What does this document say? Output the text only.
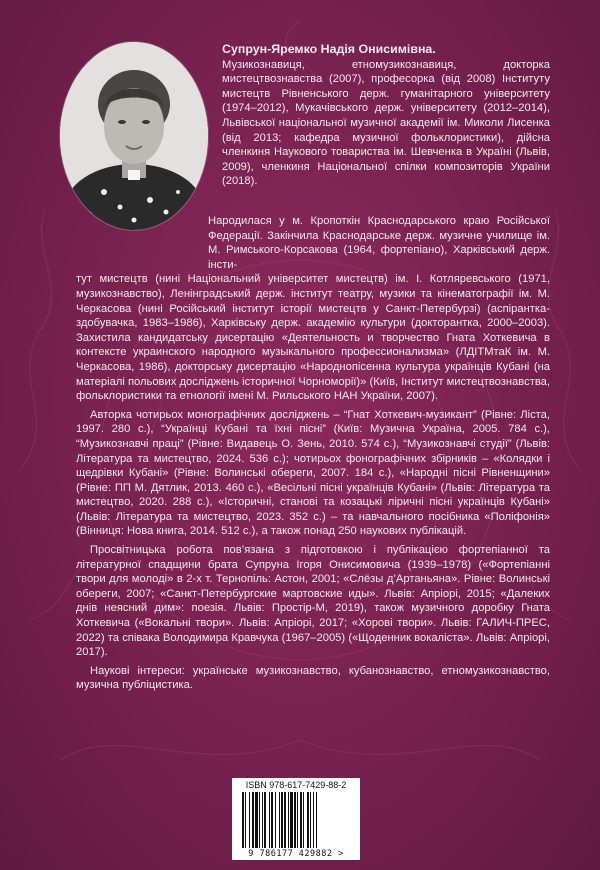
Супрун-Яремко Надія Онисимівна.
Музикознавиця, етномузикознавиця, докторка мистецтвознавства (2007), професорка (від 2008) Інституту мистецтв Рівненського держ. гуманітарного університету (1974–2012), Мукачівського держ. університету (2012–2014), Львівської національної музичної академії ім. Миколи Лисенка (від 2013; кафедра музичної фольклористики), дійсна членкиня Наукового товариства ім. Шевченка в Україні (Львів, 2009), членкиня Національної спілки композиторів України (2018).

Народилася у м. Кропоткін Краснодарського краю Російської Федерації. Закінчила Краснодарське держ. музичне училище ім. М. Римського-Корсакова (1964, фортепіано), Харківський держ. інсти-

тут мистецтв (нині Національний університет мистецтв) ім. І. Котляревського (1971, музикознавство), Ленінградський держ. інститут театру, музики та кінематографії ім. М. Черкасова (нині Російський інститут історії мистецтв у Санкт-Петербурзі) (аспірантка-здобувачка, 1983–1986), Харківську держ. академію культури (докторантка, 2000–2003). Захистила кандидатську дисертацію «Деятельность и творчество Гната Хоткевича в контексте украинского народного музыкального профессионализма» (ЛДІТМтаК ім. М. Черкасова, 1986), докторську дисертацію «Народнопісенна культура українців Кубані (на матеріалі польових досліджень історичної Чорноморії)» (Київ, Інститут мистецтвознавства, фольклористики та етнології імені М. Рильського НАН України, 2007).

Авторка чотирьох монографічних досліджень – “Гнат Хоткевич-музикант” (Рівне: Ліста, 1997. 280 с.), “Українці Кубані та їхні пісні” (Київ: Музична Україна, 2005. 784 с.), “Музикознавчі праці” (Рівне: Видавець О. Зень, 2010. 574 с.), “Музикознавчі студії” (Львів: Література та мистецтво, 2024. 536 с.); чотирьох фонографічних збірників – «Колядки і щедрівки Кубані» (Рівне: Волинські обереги, 2007. 184 с.), «Народні пісні Рівненщини» (Рівне: ПП М. Дятлик, 2013. 460 с.), «Весільні пісні українців Кубані» (Львів: Література та мистецтво, 2020. 288 с.), «Історичні, станові та козацькі ліричні пісні українців Кубані» (Львів: Література та мистецтво, 2023. 352 с.) – та навчального посібника «Поліфонія» (Вінниця: Нова книга, 2014. 512 с.), а також понад 250 наукових публікацій.

Просвітницька робота пов’язана з підготовкою і публікацією фортепіанної та літературної спадщини брата Супруна Ігоря Онисимовича (1939–1978) («Фортепіанні твори для молоді» в 2-х т. Тернопіль: Астон, 2001; «Слёзы д’Артаньяна». Рівне: Волинські обереги, 2007; «Санкт-Петербургские мартовские иды». Львів: Апріорі, 2015; «Далеких днів неясний дим»: поезія. Львів: Простір-М, 2019), також музичного доробку Гната Хоткевича («Вокальні твори». Львів: Апріорі, 2017; «Хорові твори». Львів: ГАЛИЧ-ПРЕС, 2022) та співака Володимира Кравчука (1967–2005) («Щоденник вокаліста». Львів: Апріорі, 2017).

Наукові інтереси: українське музикознавство, кубанознавство, етномузикознавство, музична публіцистика.

ISBN 978-617-7429-88-2
9 786177 429882 >
